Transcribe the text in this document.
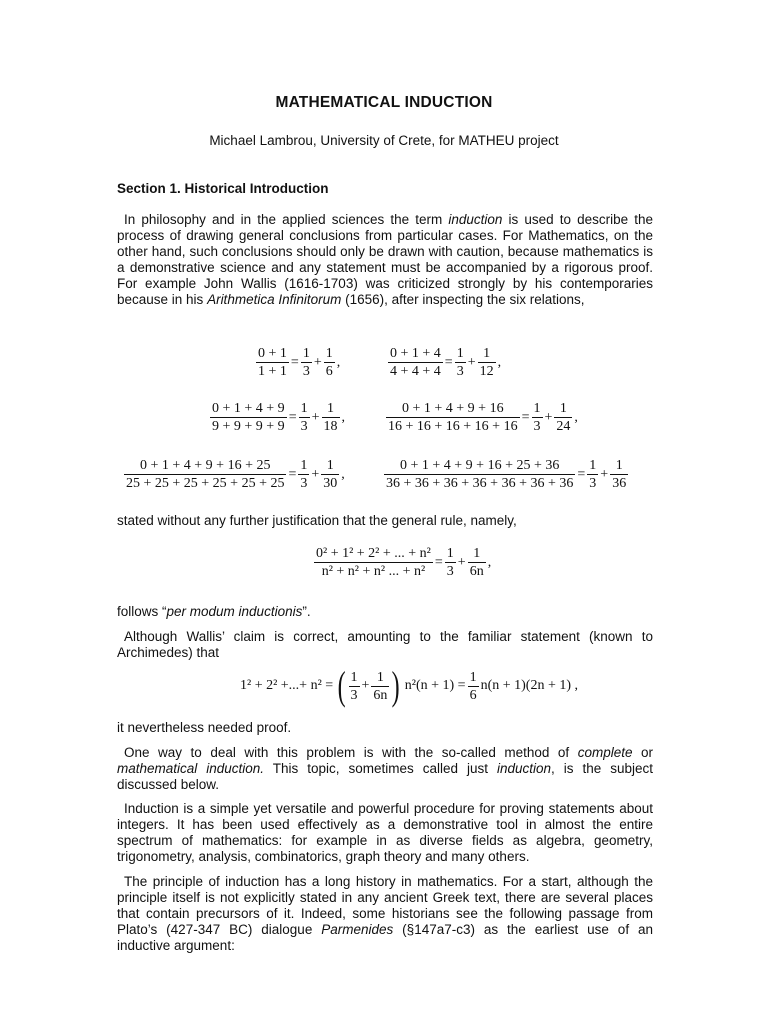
MATHEMATICAL INDUCTION
Michael Lambrou, University of Crete, for MATHEU project
Section 1. Historical Introduction

In philosophy and in the applied sciences the term induction is used to describe the process of drawing general conclusions from particular cases. For Mathematics, on the other hand, such conclusions should only be drawn with caution, because mathematics is a demonstrative science and any statement must be accompanied by a rigorous proof. For example John Wallis (1616-1703) was criticized strongly by his contemporaries because in his Arithmetica Infinitorum (1656), after inspecting the six relations,

$\frac{0 + 1}{1 + 1} = \frac{1}{3} + \frac{1}{6}$ ,	$\frac{0 + 1 + 4}{4 + 4 + 4} = \frac{1}{3} + \frac{1}{12}$ ,
$\frac{0 + 1 + 4 + 9}{9 + 9 + 9 + 9} = \frac{1}{3} + \frac{1}{18}$ ,	$\frac{0 + 1 + 4 + 9 + 16}{16 + 16 + 16 + 16 + 16} = \frac{1}{3} + \frac{1}{24}$ ,
$\frac{0 + 1 + 4 + 9 + 16 + 25}{25 + 25 + 25 + 25 + 25 + 25} = \frac{1}{3} + \frac{1}{30}$ ,	$\frac{0 + 1 + 4 + 9 + 16 + 25 + 36}{36 + 36 + 36 + 36 + 36 + 36 + 36} = \frac{1}{3} + \frac{1}{36}$

stated without any further justification that the general rule, namely,

$\frac{\text{0² + 1² + 2² + ... + n²}}{\text{n² + n² + n² ... + n²}} = \frac{1}{3} + \frac{1}{6n}$ ,

follows “per modum inductionis”.

Although Wallis’ claim is correct, amounting to the familiar statement (known to Archimedes) that

1² + 2² +...+ n² = ( $\frac{1}{3} + \frac{1}{6n}$ ) $n^2(n + 1) = \frac{1}{6} n(n + 1)(2n + 1)$ ,

it nevertheless needed proof.

One way to deal with this problem is with the so-called method of complete or mathematical induction. This topic, sometimes called just induction, is the subject discussed below.

Induction is a simple yet versatile and powerful procedure for proving statements about integers. It has been used effectively as a demonstrative tool in almost the entire spectrum of mathematics: for example in as diverse fields as algebra, geometry, trigonometry, analysis, combinatorics, graph theory and many others.

The principle of induction has a long history in mathematics. For a start, although the principle itself is not explicitly stated in any ancient Greek text, there are several places that contain precursors of it. Indeed, some historians see the following passage from Plato’s (427-347 BC) dialogue Parmenides (§147a7-c3) as the earliest use of an inductive argument:
